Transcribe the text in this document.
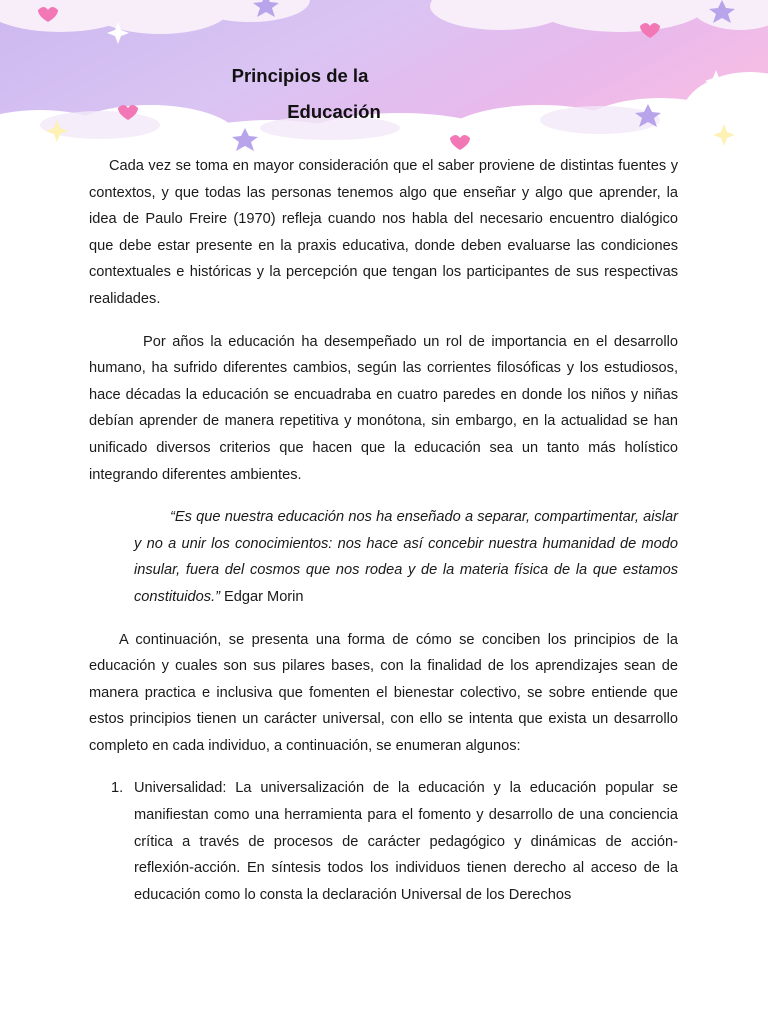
Principios de la
Educación

Cada vez se toma en mayor consideración que el saber proviene de distintas fuentes y contextos, y que todas las personas tenemos algo que enseñar y algo que aprender, la idea de Paulo Freire (1970) refleja cuando nos habla del necesario encuentro dialógico que debe estar presente en la praxis educativa, donde deben evaluarse las condiciones contextuales e históricas y la percepción que tengan los participantes de sus respectivas realidades.

Por años la educación ha desempeñado un rol de importancia en el desarrollo humano, ha sufrido diferentes cambios, según las corrientes filosóficas y los estudiosos, hace décadas la educación se encuadraba en cuatro paredes en donde los niños y niñas debían aprender de manera repetitiva y monótona, sin embargo, en la actualidad se han unificado diversos criterios que hacen que la educación sea un tanto más holístico integrando diferentes ambientes.

“Es que nuestra educación nos ha enseñado a separar, compartimentar, aislar y no a unir los conocimientos: nos hace así concebir nuestra humanidad de modo insular, fuera del cosmos que nos rodea y de la materia física de la que estamos constituidos.” Edgar Morin

A continuación, se presenta una forma de cómo se conciben los principios de la educación y cuales son sus pilares bases, con la finalidad de los aprendizajes sean de manera practica e inclusiva que fomenten el bienestar colectivo, se sobre entiende que estos principios tienen un carácter universal, con ello se intenta que exista un desarrollo completo en cada individuo, a continuación, se enumeran algunos:

1. Universalidad: La universalización de la educación y la educación popular se manifiestan como una herramienta para el fomento y desarrollo de una conciencia crítica a través de procesos de carácter pedagógico y dinámicas de acción-reflexión-acción. En síntesis todos los individuos tienen derecho al acceso de la educación como lo consta la declaración Universal de los Derechos
